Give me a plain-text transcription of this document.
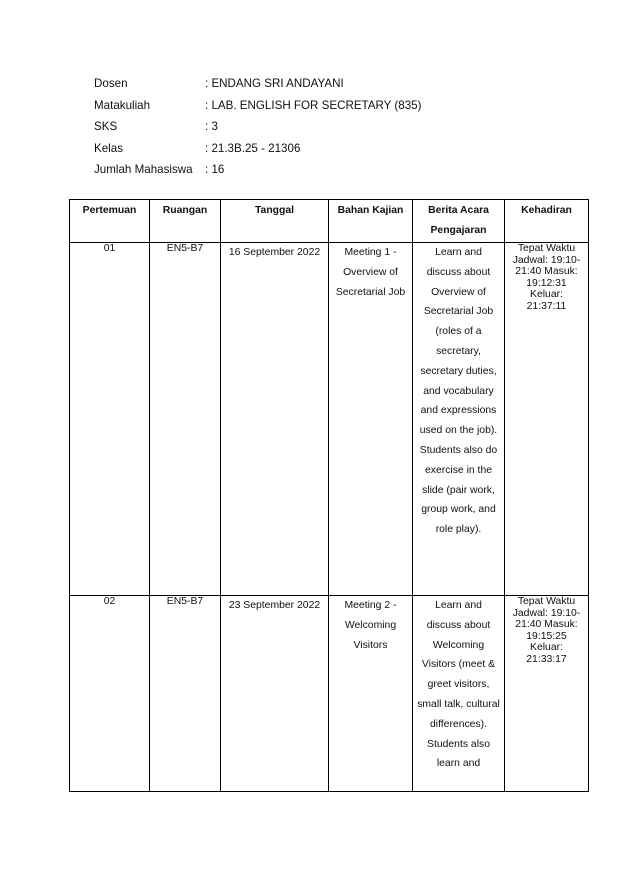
Dosen	: ENDANG SRI ANDAYANI
Matakuliah	: LAB. ENGLISH FOR SECRETARY (835)
SKS	: 3
Kelas	: 21.3B.25 - 21306
Jumlah Mahasiswa	: 16
Pertemuan	Ruangan	Tanggal	Bahan Kajian	Berita Acara Pengajaran	Kehadiran
01	EN5-B7	16 September 2022	Meeting 1 - Overview of Secretarial Job	Learn and discuss about Overview of Secretarial Job (roles of a secretary, secretary duties, and vocabulary and expressions used on the job). Students also do exercise in the slide (pair work, group work, and role play).	Tepat Waktu Jadwal: 19:10-21:40 Masuk: 19:12:31 Keluar: 21:37:11
02	EN5-B7	23 September 2022	Meeting 2 - Welcoming Visitors	Learn and discuss about Welcoming Visitors (meet & greet visitors, small talk, cultural differences). Students also learn and	Tepat Waktu Jadwal: 19:10-21:40 Masuk: 19:15:25 Keluar: 21:33:17
